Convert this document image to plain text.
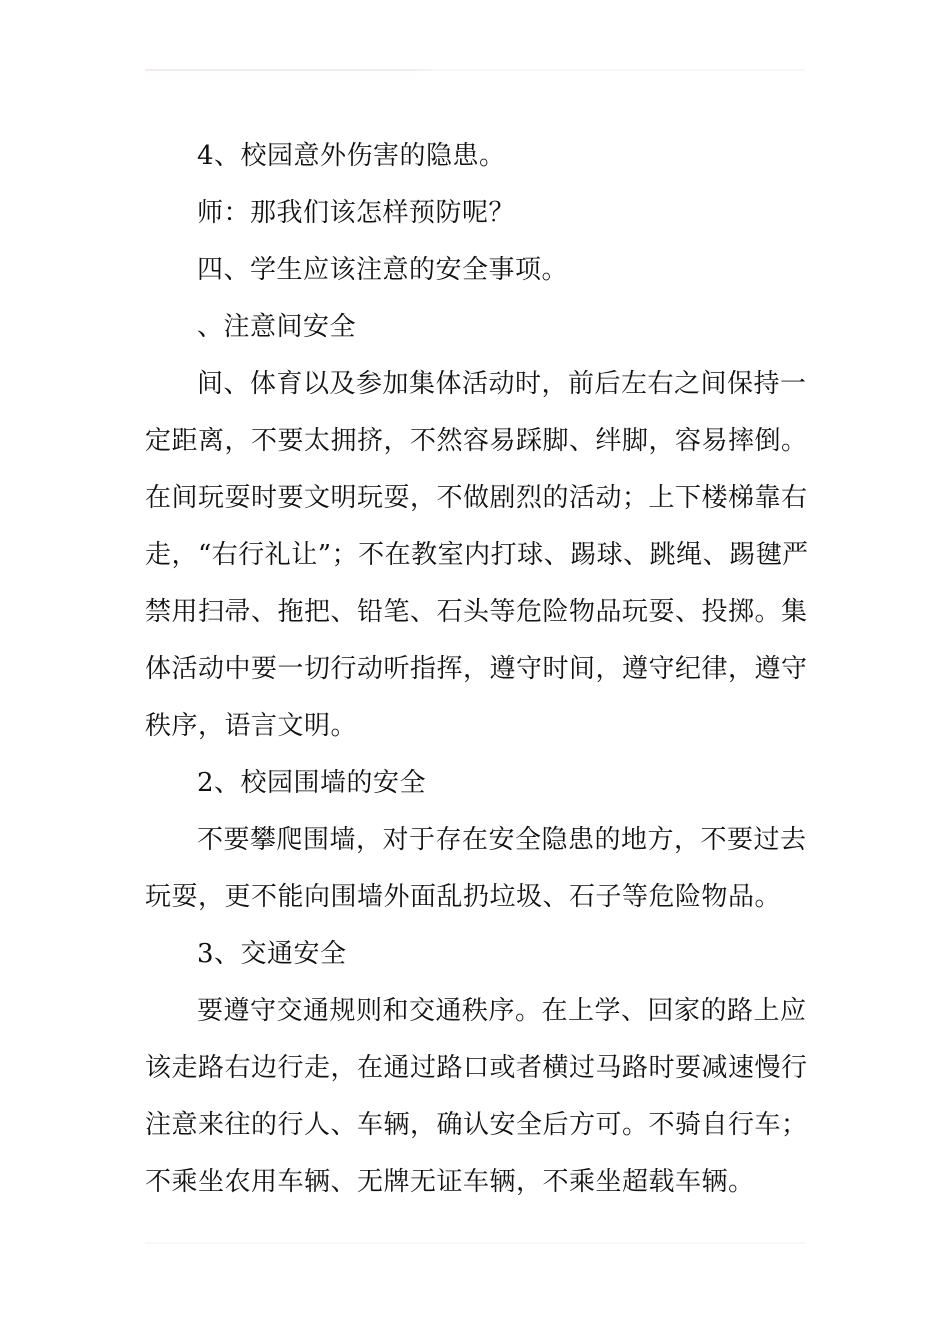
4、校园意外伤害的隐患。

师：那我们该怎样预防呢？

四、学生应该注意的安全事项。

、注意间安全

间、体育以及参加集体活动时，前后左右之间保持一定距离，不要太拥挤，不然容易踩脚、绊脚，容易摔倒。在间玩耍时要文明玩耍，不做剧烈的活动；上下楼梯靠右走，“右行礼让”；不在教室内打球、踢球、跳绳、踢毽严禁用扫帚、拖把、铅笔、石头等危险物品玩耍、投掷。集体活动中要一切行动听指挥，遵守时间，遵守纪律，遵守秩序，语言文明。

2、校园围墙的安全

不要攀爬围墙，对于存在安全隐患的地方，不要过去玩耍，更不能向围墙外面乱扔垃圾、石子等危险物品。

3、交通安全

要遵守交通规则和交通秩序。在上学、回家的路上应该走路右边行走，在通过路口或者横过马路时要减速慢行注意来往的行人、车辆，确认安全后方可。不骑自行车；不乘坐农用车辆、无牌无证车辆，不乘坐超载车辆。
